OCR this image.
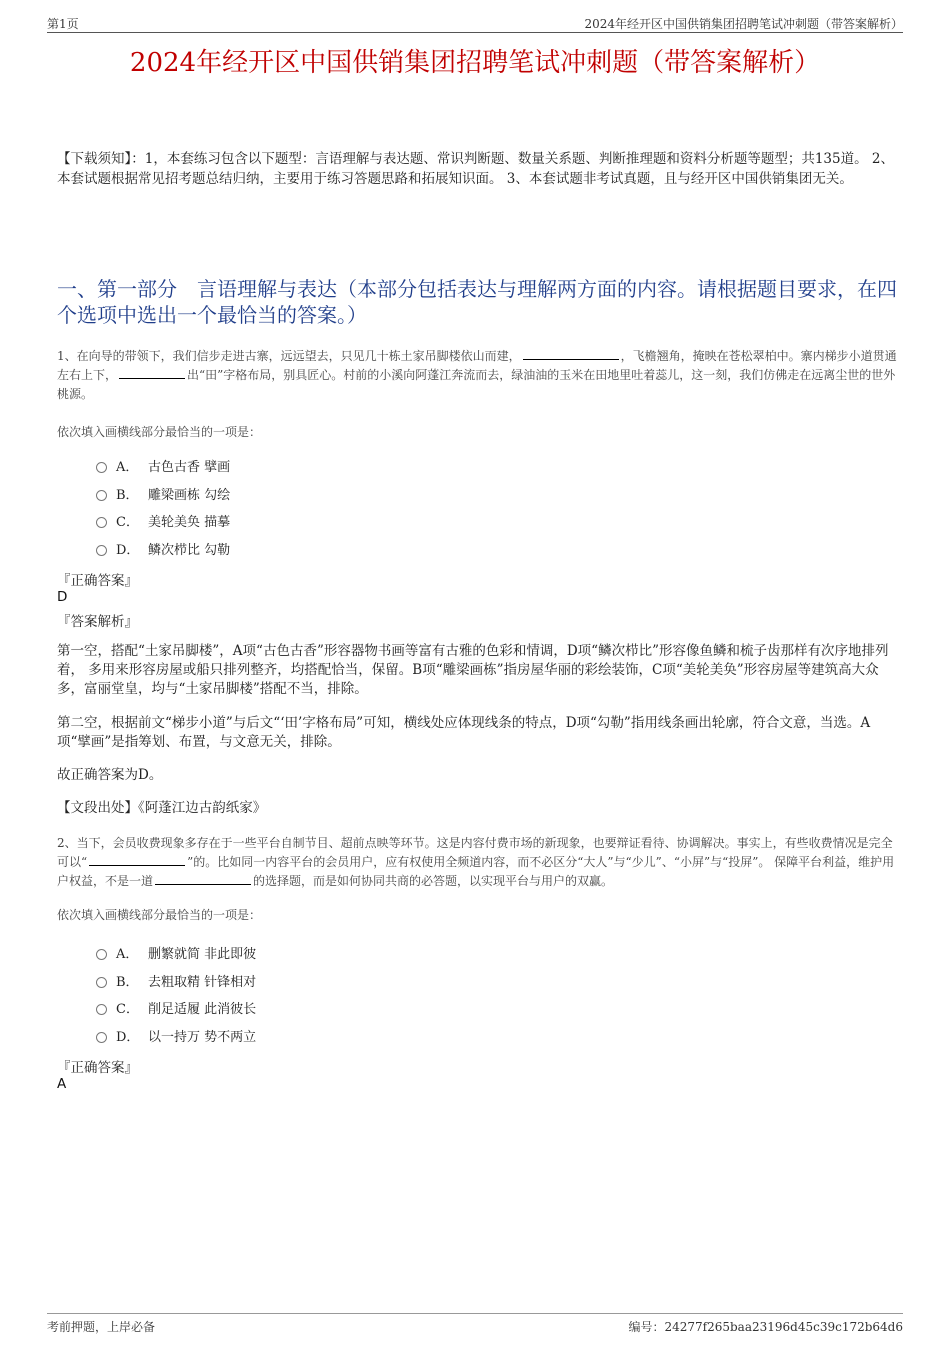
第1页	2024年经开区中国供销集团招聘笔试冲刺题（带答案解析）
2024年经开区中国供销集团招聘笔试冲刺题（带答案解析）
【下载须知】：1，本套练习包含以下题型：言语理解与表达题、常识判断题、数量关系题、判断推理题和资料分析题等题型；共135道。 2、本套试题根据常见招考题总结归纳，主要用于练习答题思路和拓展知识面。 3、本套试题非考试真题，且与经开区中国供销集团无关。
一、第一部分　言语理解与表达（本部分包括表达与理解两方面的内容。请根据题目要求，在四个选项中选出一个最恰当的答案。）
1、在向导的带领下，我们信步走进古寨，远远望去，只见几十栋土家吊脚楼依山而建，	，飞檐翘角，掩映在苍松翠柏中。寨内梯步小道贯通左右上下，	出“田”字格布局，别具匠心。村前的小溪向阿蓬江奔流而去，绿油油的玉米在田地里吐着蕊儿，这一刻，我们仿佛走在远离尘世的世外桃源。
依次填入画横线部分最恰当的一项是：
A． 古色古香 擘画
B． 雕梁画栋 勾绘
C． 美轮美奂 描摹
D． 鳞次栉比 勾勒
『正确答案』
D
『答案解析』
第一空，搭配“土家吊脚楼”，A项“古色古香”形容器物书画等富有古雅的色彩和情调，D项“鳞次栉比”形容像鱼鳞和梳子齿那样有次序地排列着， 多用来形容房屋或船只排列整齐，均搭配恰当，保留。B项“雕梁画栋”指房屋华丽的彩绘装饰，C项“美轮美奂”形容房屋等建筑高大众多，富丽堂皇，均与“土家吊脚楼”搭配不当，排除。
第二空，根据前文“梯步小道”与后文“‘田’字格布局”可知，横线处应体现线条的特点，D项“勾勒”指用线条画出轮廓，符合文意，当选。A项“擘画”是指筹划、布置，与文意无关，排除。
故正确答案为D。
【文段出处】《阿蓬江边古韵纸家》
2、当下，会员收费现象多存在于一些平台自制节目、超前点映等环节。这是内容付费市场的新现象，也要辩证看待、协调解决。事实上，有些收费情况是完全可以“	”的。比如同一内容平台的会员用户，应有权使用全频道内容，而不必区分“大人”与“少儿”、“小屏”与“投屏”。 保障平台利益，维护用户权益，不是一道	的选择题，而是如何协同共商的必答题，以实现平台与用户的双赢。
依次填入画横线部分最恰当的一项是：
A． 删繁就简 非此即彼
B． 去粗取精 针锋相对
C． 削足适履 此消彼长
D． 以一持万 势不两立
『正确答案』
A
考前押题，上岸必备	编号：24277f265baa23196d45c39c172b64d6
